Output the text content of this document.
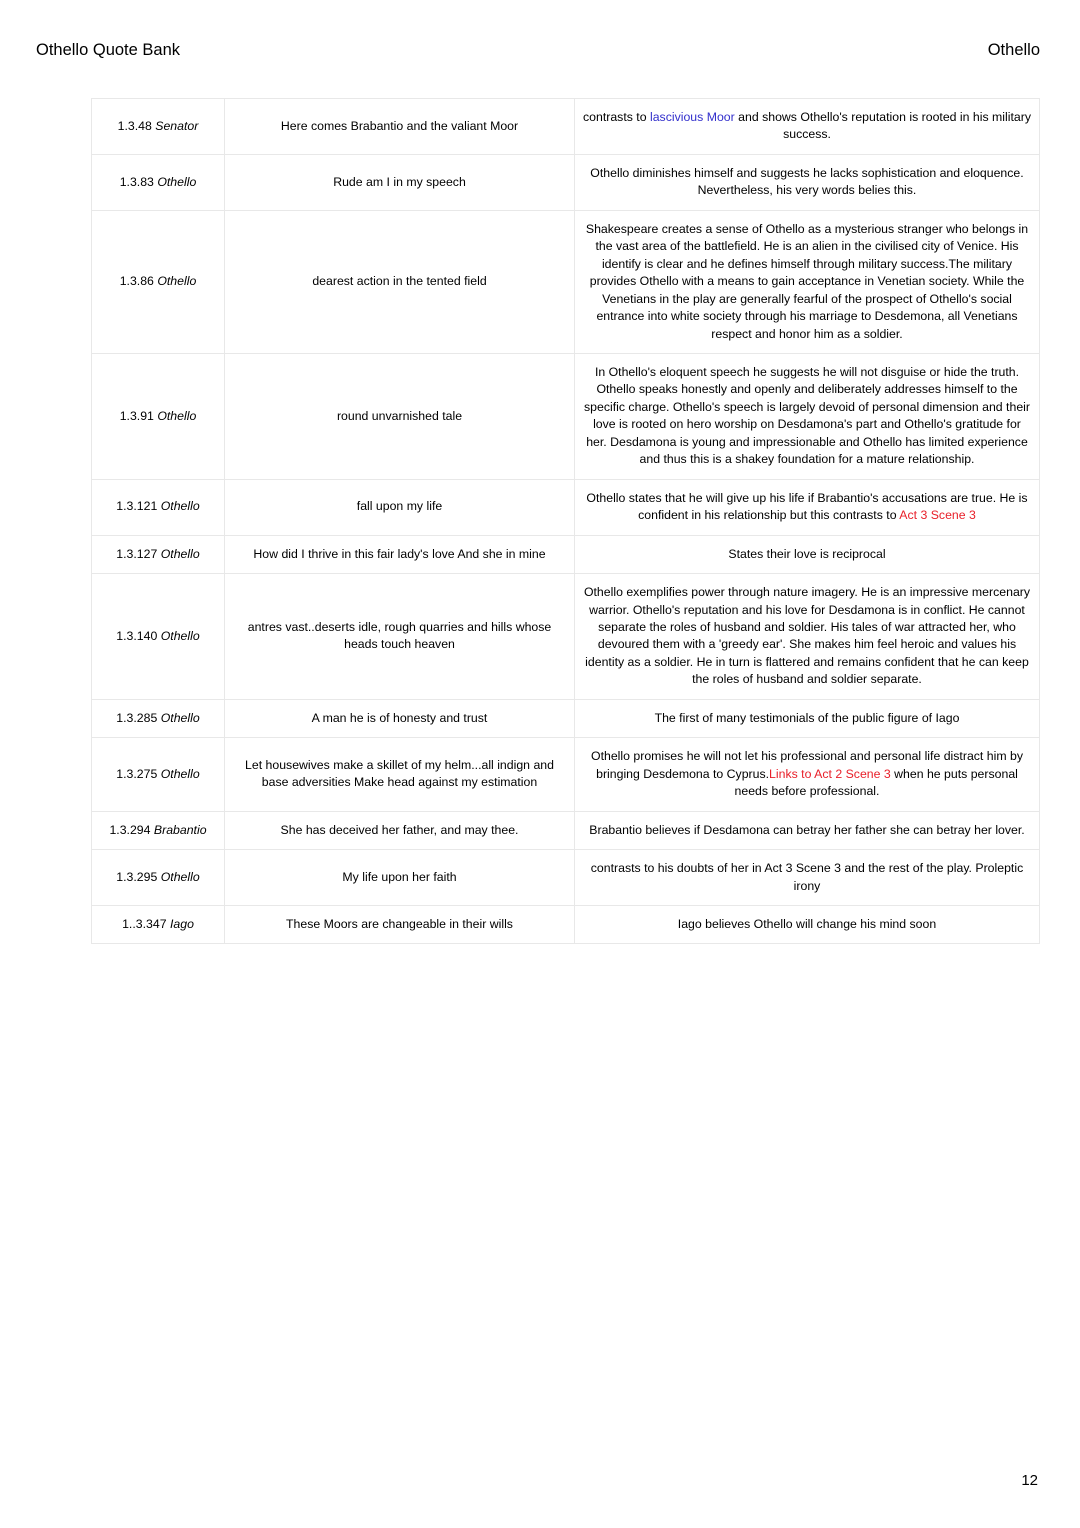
Othello Quote Bank	Othello
1.3.48 Senator	Here comes Brabantio and the valiant Moor	contrasts to lascivious Moor and shows Othello's reputation is rooted in his military success.
1.3.83 Othello	Rude am I in my speech	Othello diminishes himself and suggests he lacks sophistication and eloquence. Nevertheless, his very words belies this.
1.3.86 Othello	dearest action in the tented field	Shakespeare creates a sense of Othello as a mysterious stranger who belongs in the vast area of the battlefield. He is an alien in the civilised city of Venice. His identify is clear and he defines himself through military success.The military provides Othello with a means to gain acceptance in Venetian society. While the Venetians in the play are generally fearful of the prospect of Othello's social entrance into white society through his marriage to Desdemona, all Venetians respect and honor him as a soldier.
1.3.91 Othello	round unvarnished tale	In Othello's eloquent speech he suggests he will not disguise or hide the truth. Othello speaks honestly and openly and deliberately addresses himself to the specific charge. Othello's speech is largely devoid of personal dimension and their love is rooted on hero worship on Desdamona's part and Othello's gratitude for her. Desdamona is young and impressionable and Othello has limited experience and thus this is a shakey foundation for a mature relationship.
1.3.121 Othello	fall upon my life	Othello states that he will give up his life if Brabantio's accusations are true. He is confident in his relationship but this contrasts to Act 3 Scene 3
1.3.127 Othello	How did I thrive in this fair lady's love And she in mine	States their love is reciprocal
1.3.140 Othello	antres vast..deserts idle, rough quarries and hills whose heads touch heaven	Othello exemplifies power through nature imagery. He is an impressive mercenary warrior. Othello's reputation and his love for Desdamona is in conflict. He cannot separate the roles of husband and soldier. His tales of war attracted her, who devoured them with a 'greedy ear'. She makes him feel heroic and values his identity as a soldier. He in turn is flattered and remains confident that he can keep the roles of husband and soldier separate.
1.3.285 Othello	A man he is of honesty and trust	The first of many testimonials of the public figure of Iago
1.3.275 Othello	Let housewives make a skillet of my helm...all indign and base adversities Make head against my estimation	Othello promises he will not let his professional and personal life distract him by bringing Desdemona to Cyprus.Links to Act 2 Scene 3 when he puts personal needs before professional.
1.3.294 Brabantio	She has deceived her father, and may thee.	Brabantio believes if Desdamona can betray her father she can betray her lover.
1.3.295 Othello	My life upon her faith	contrasts to his doubts of her in Act 3 Scene 3 and the rest of the play. Proleptic irony
1..3.347 Iago	These Moors are changeable in their wills	Iago believes Othello will change his mind soon
12
